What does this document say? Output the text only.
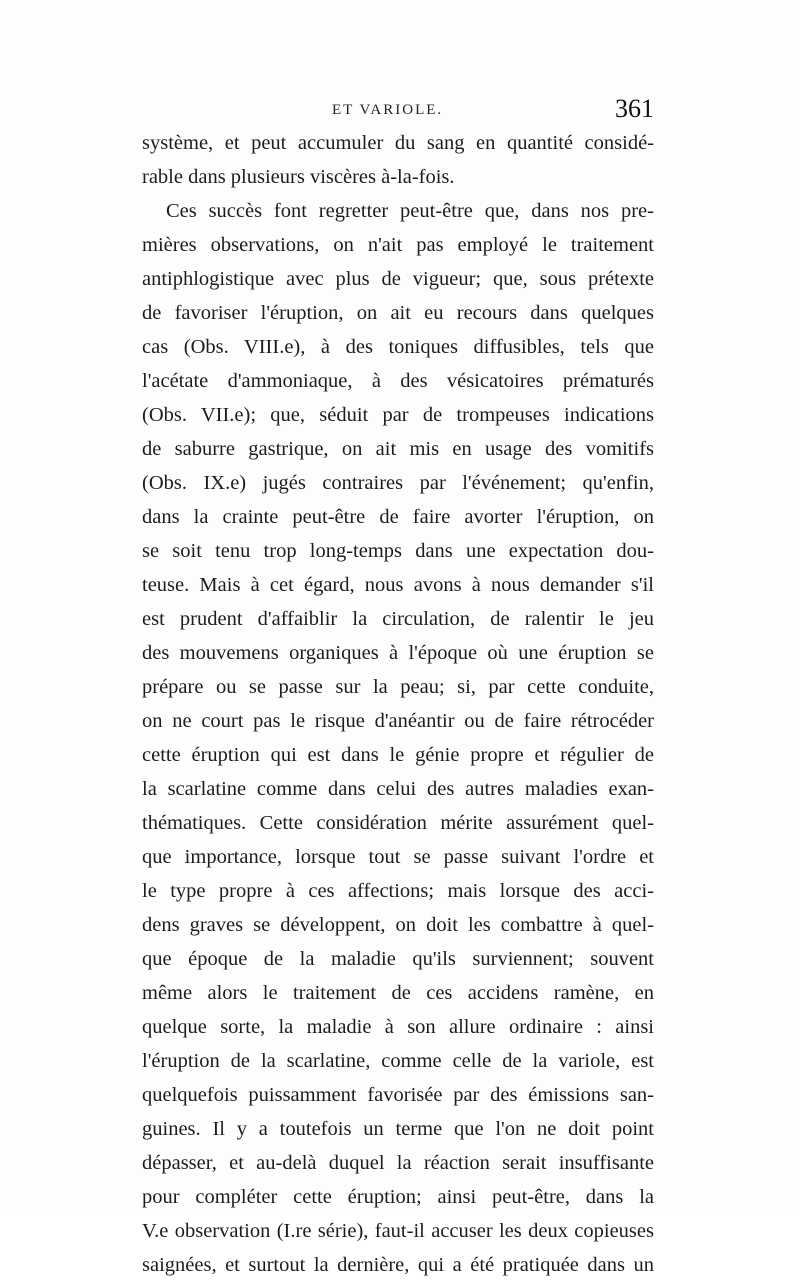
ET VARIOLE.	361
système, et peut accumuler du sang en quantité considé-
rable dans plusieurs viscères à-la-fois.
Ces succès font regretter peut-être que, dans nos pre-
mières observations, on n'ait pas employé le traitement
antiphlogistique avec plus de vigueur; que, sous prétexte
de favoriser l'éruption, on ait eu recours dans quelques
cas (Obs. VIII.e), à des toniques diffusibles, tels que
l'acétate d'ammoniaque, à des vésicatoires prématurés
(Obs. VII.e); que, séduit par de trompeuses indications
de saburre gastrique, on ait mis en usage des vomitifs
(Obs. IX.e) jugés contraires par l'événement; qu'enfin,
dans la crainte peut-être de faire avorter l'éruption, on
se soit tenu trop long-temps dans une expectation dou-
teuse. Mais à cet égard, nous avons à nous demander s'il
est prudent d'affaiblir la circulation, de ralentir le jeu
des mouvemens organiques à l'époque où une éruption se
prépare ou se passe sur la peau; si, par cette conduite,
on ne court pas le risque d'anéantir ou de faire rétrocéder
cette éruption qui est dans le génie propre et régulier de
la scarlatine comme dans celui des autres maladies exan-
thématiques. Cette considération mérite assurément quel-
que importance, lorsque tout se passe suivant l'ordre et
le type propre à ces affections; mais lorsque des acci-
dens graves se développent, on doit les combattre à quel-
que époque de la maladie qu'ils surviennent; souvent
même alors le traitement de ces accidens ramène, en
quelque sorte, la maladie à son allure ordinaire : ainsi
l'éruption de la scarlatine, comme celle de la variole, est
quelquefois puissamment favorisée par des émissions san-
guines. Il y a toutefois un terme que l'on ne doit point
dépasser, et au-delà duquel la réaction serait insuffisante
pour compléter cette éruption; ainsi peut-être, dans la
V.e observation (I.re série), faut-il accuser les deux copieuses
saignées, et surtout la dernière, qui a été pratiquée dans un
